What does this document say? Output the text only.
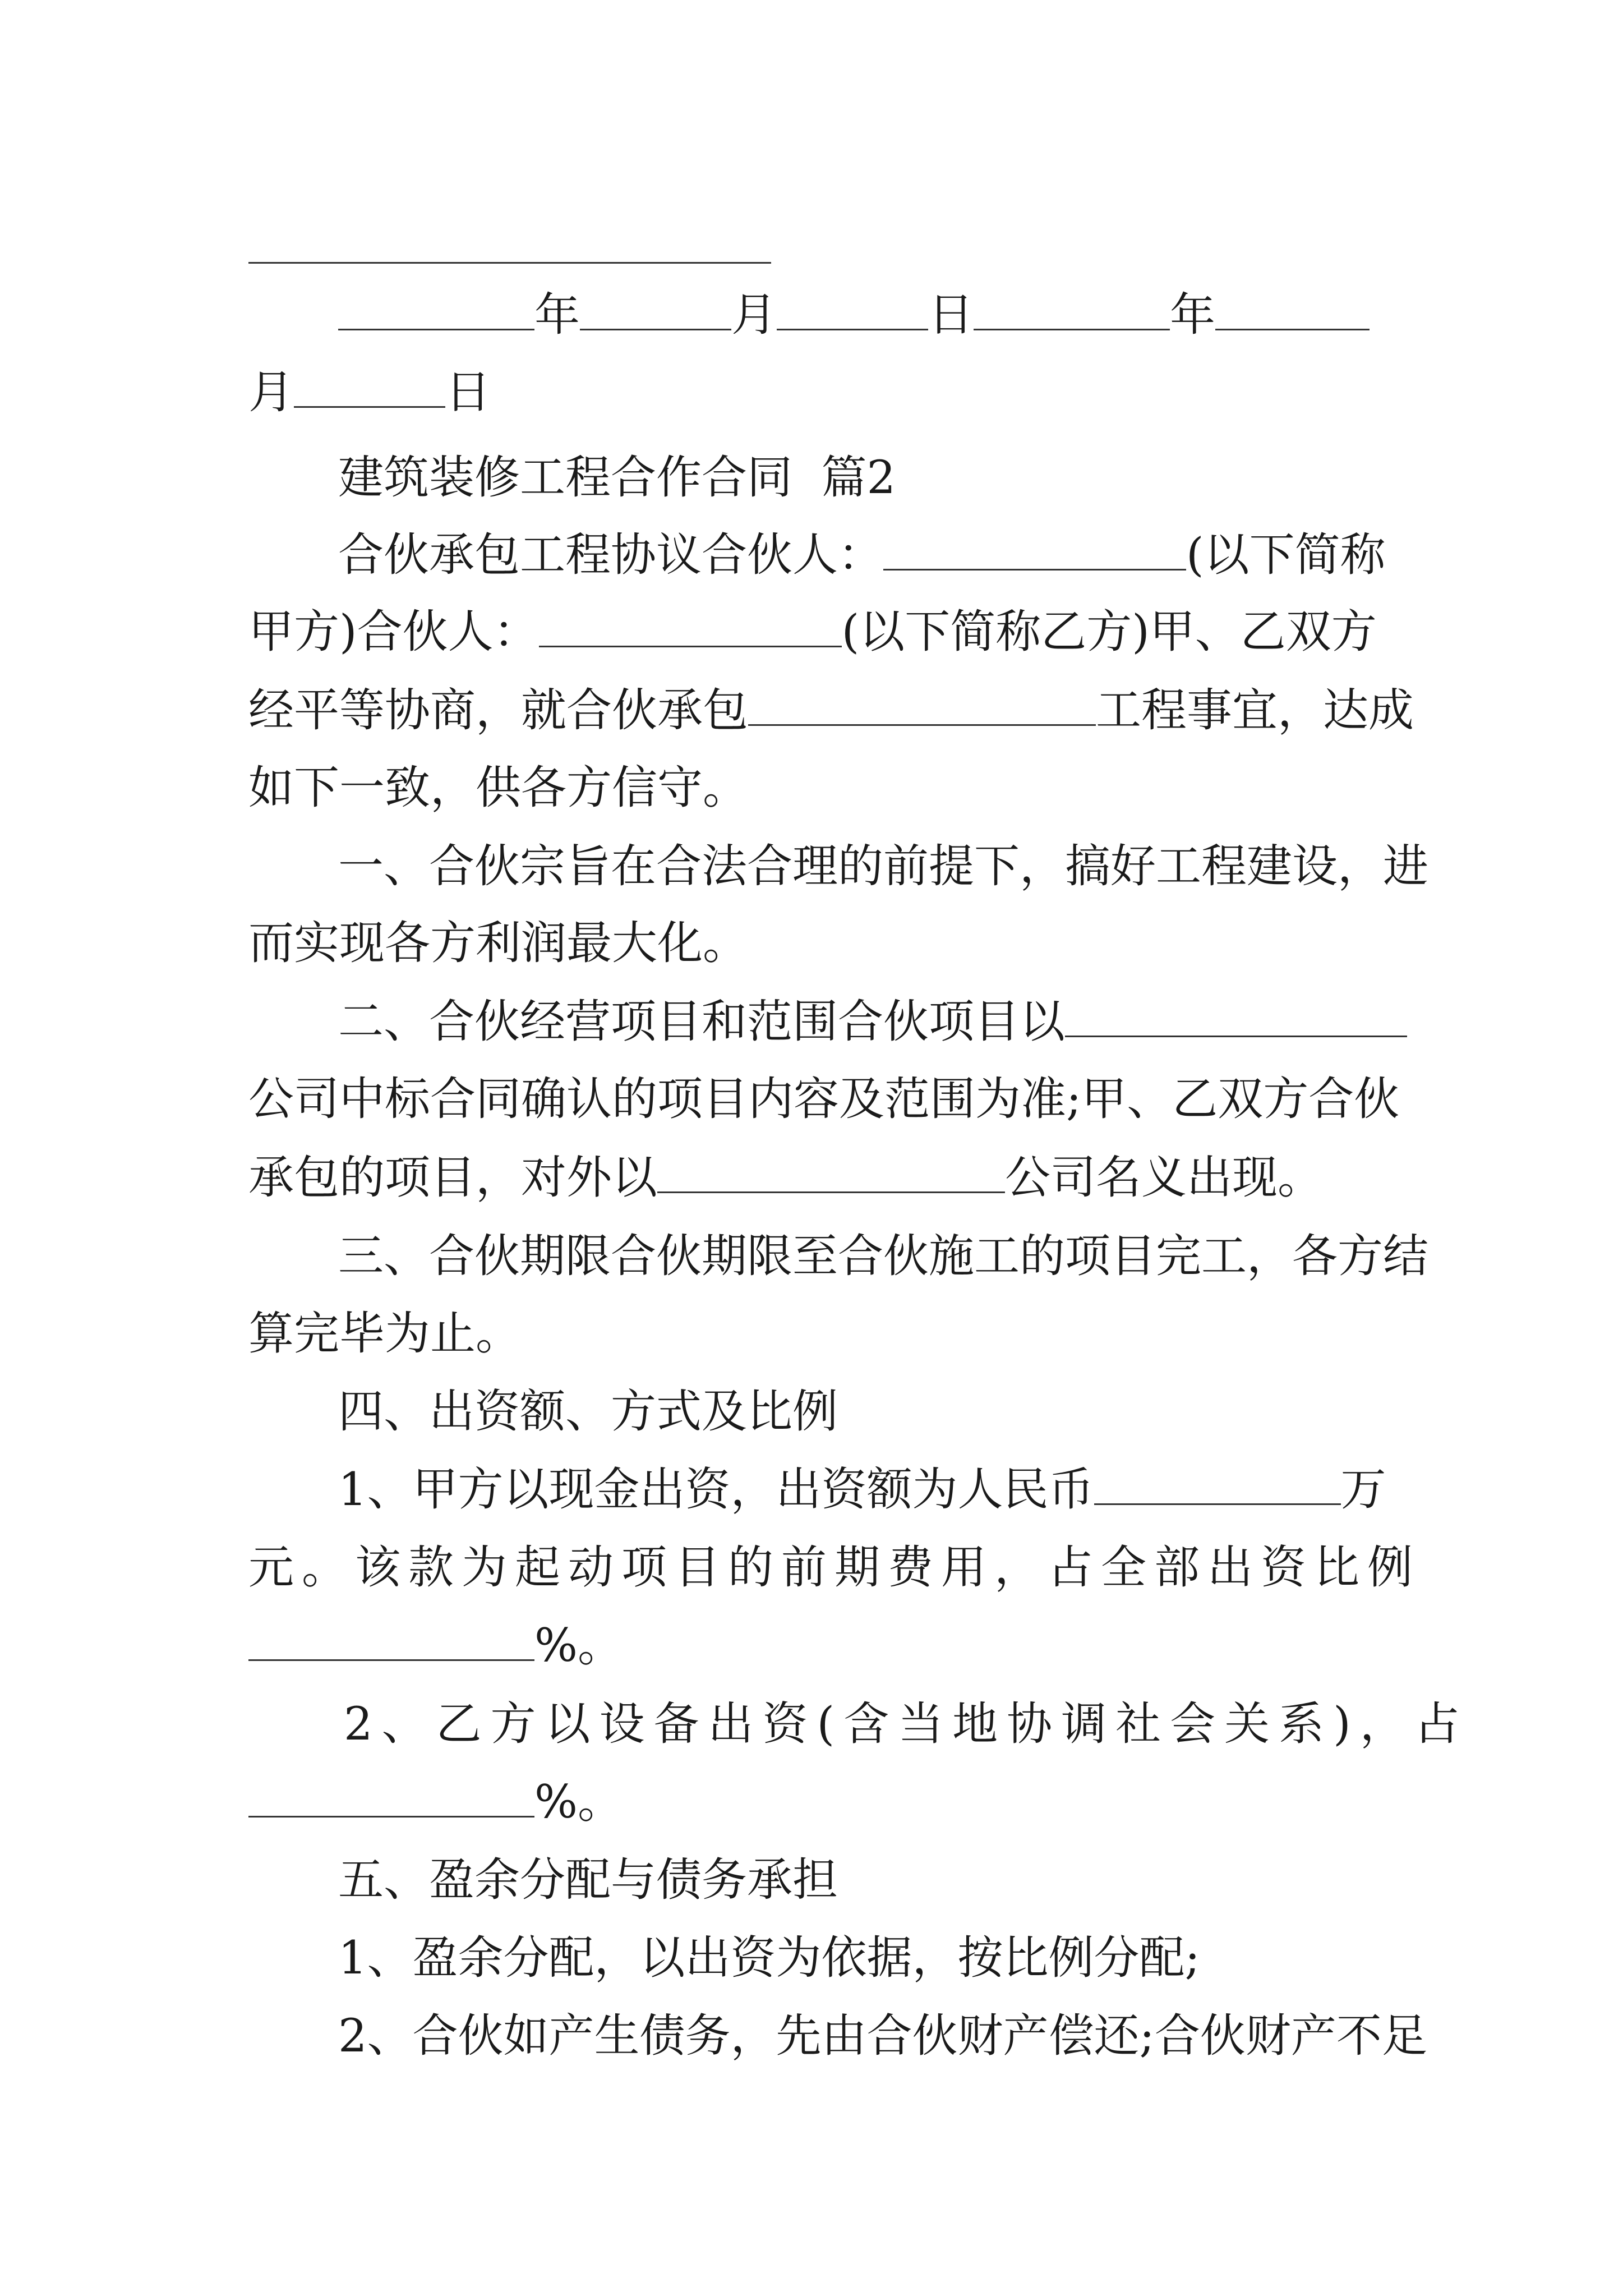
年	月	日	年
月	日
建筑装修工程合作合同 篇2
合伙承包工程协议合伙人：	(以下简称
甲方)合伙人：	(以下简称乙方)甲、乙双方
经平等协商，就合伙承包	工程事宜，达成
如下一致，供各方信守。
一、合伙宗旨在合法合理的前提下，搞好工程建设，进
而实现各方利润最大化。
二、合伙经营项目和范围合伙项目以
公司中标合同确认的项目内容及范围为准;甲、乙双方合伙
承包的项目，对外以	公司名义出现。
三、合伙期限合伙期限至合伙施工的项目完工，各方结
算完毕为止。
四、出资额、方式及比例
1、甲方以现金出资，出资额为人民币	万
元。该款为起动项目的前期费用，占全部出资比例
%。
2、乙方以设备出资(含当地协调社会关系)，占
%。
五、盈余分配与债务承担
1、盈余分配，以出资为依据，按比例分配;
2、合伙如产生债务，先由合伙财产偿还;合伙财产不足
